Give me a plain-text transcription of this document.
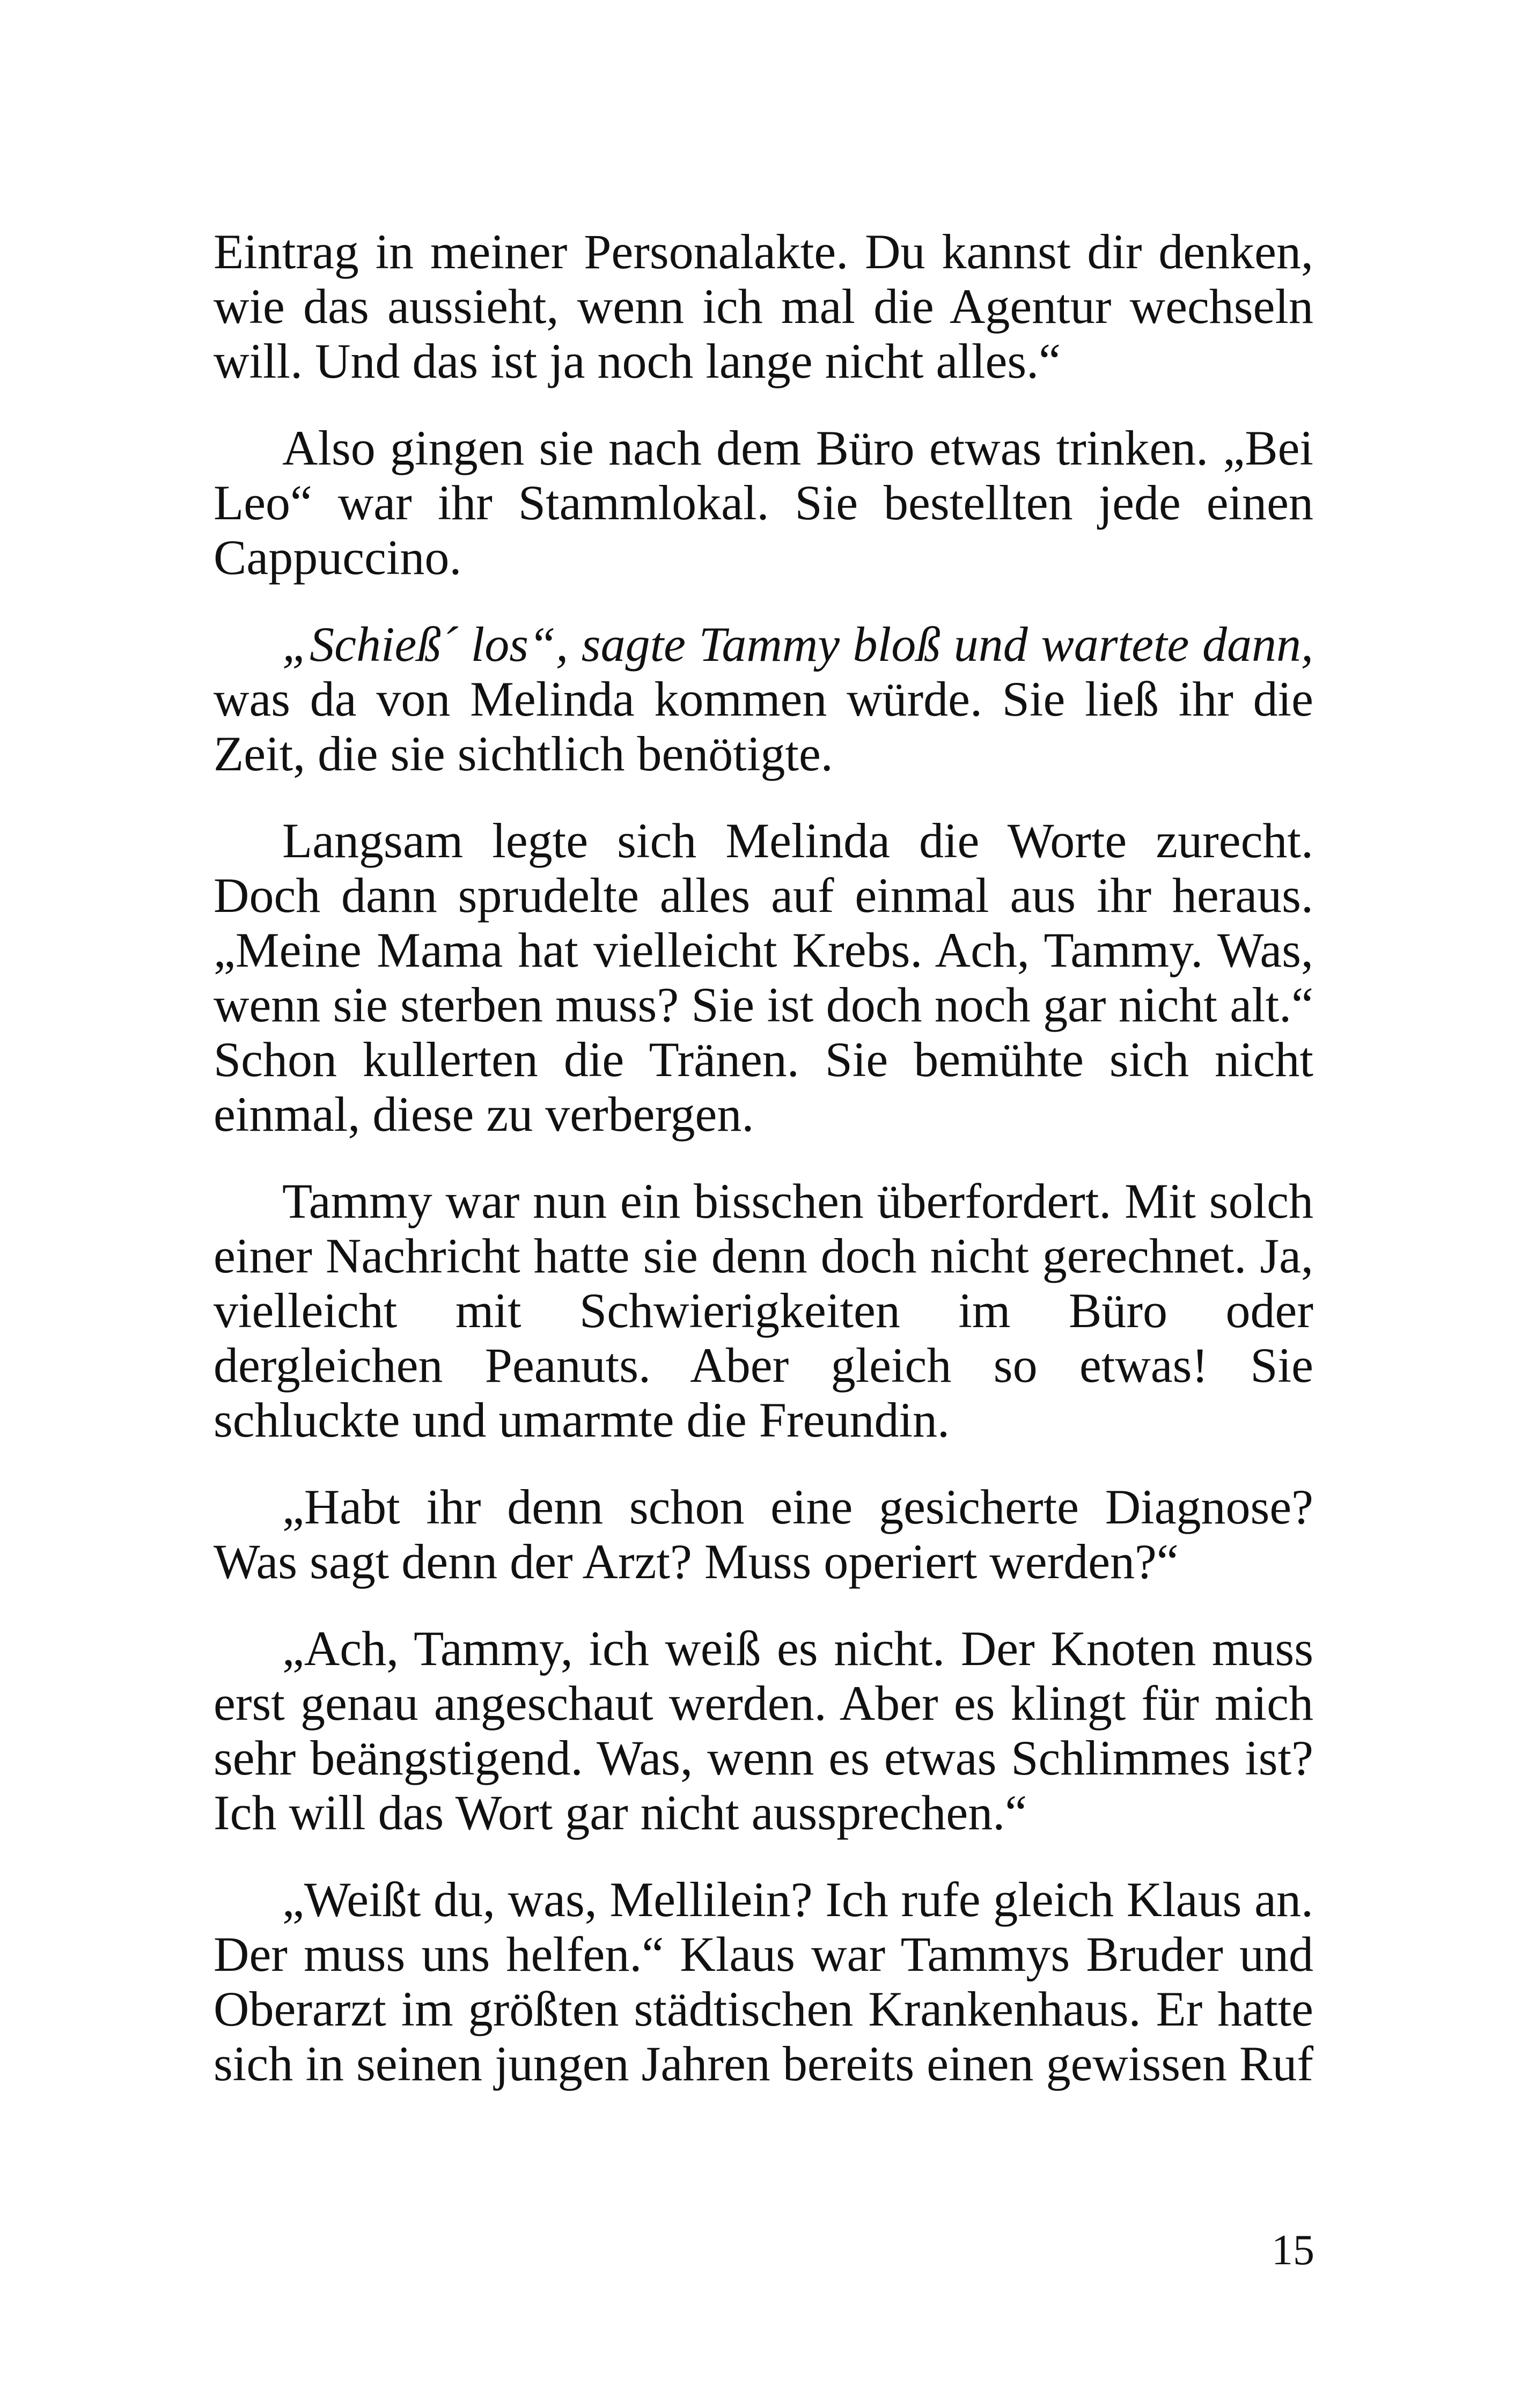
Eintrag in meiner Personalakte. Du kannst dir denken, wie das aussieht, wenn ich mal die Agentur wechseln will. Und das ist ja noch lange nicht alles.“

Also gingen sie nach dem Büro etwas trinken. „Bei Leo“ war ihr Stammlokal. Sie bestellten jede einen Cappuccino.

„Schieß´ los“, sagte Tammy bloß und wartete dann, was da von Melinda kommen würde. Sie ließ ihr die Zeit, die sie sichtlich benötigte.

Langsam legte sich Melinda die Worte zurecht. Doch dann sprudelte alles auf einmal aus ihr heraus. „Meine Mama hat vielleicht Krebs. Ach, Tammy. Was, wenn sie sterben muss? Sie ist doch noch gar nicht alt.“ Schon kullerten die Tränen. Sie bemühte sich nicht einmal, diese zu verbergen.

Tammy war nun ein bisschen überfordert. Mit solch einer Nachricht hatte sie denn doch nicht gerechnet. Ja, vielleicht mit Schwierigkeiten im Büro oder dergleichen Peanuts. Aber gleich so etwas! Sie schluckte und umarmte die Freundin.

„Habt ihr denn schon eine gesicherte Diagnose? Was sagt denn der Arzt? Muss operiert werden?“

„Ach, Tammy, ich weiß es nicht. Der Knoten muss erst genau angeschaut werden. Aber es klingt für mich sehr beängstigend. Was, wenn es etwas Schlimmes ist? Ich will das Wort gar nicht aussprechen.“

„Weißt du, was, Mellilein? Ich rufe gleich Klaus an. Der muss uns helfen.“ Klaus war Tammys Bruder und Oberarzt im größten städtischen Krankenhaus. Er hatte sich in seinen jungen Jahren bereits einen gewissen Ruf

15
